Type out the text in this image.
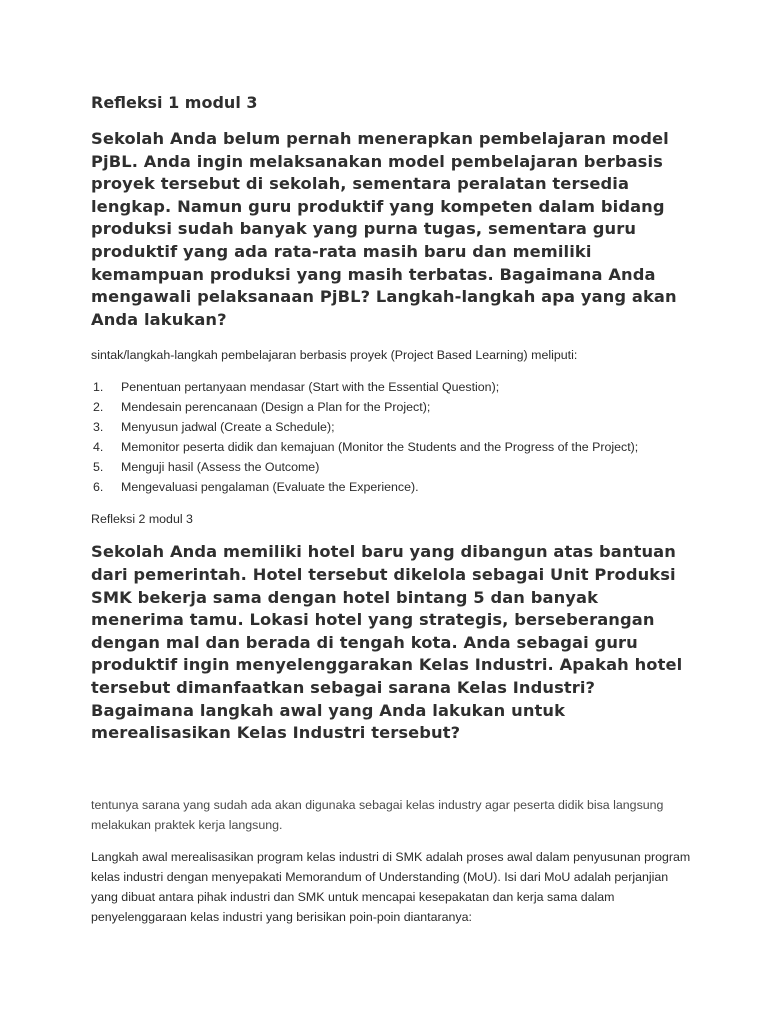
Refleksi 1 modul 3

Sekolah Anda belum pernah menerapkan pembelajaran model PjBL. Anda ingin melaksanakan model pembelajaran berbasis proyek tersebut di sekolah, sementara peralatan tersedia lengkap. Namun guru produktif yang kompeten dalam bidang produksi sudah banyak yang purna tugas, sementara guru produktif yang ada rata-rata masih baru dan memiliki kemampuan produksi yang masih terbatas. Bagaimana Anda mengawali pelaksanaan PjBL? Langkah-langkah apa yang akan Anda lakukan?

sintak/langkah-langkah pembelajaran berbasis proyek (Project Based Learning) meliputi:

1.	Penentuan pertanyaan mendasar (Start with the Essential Question);
2.	Mendesain perencanaan (Design a Plan for the Project);
3.	Menyusun jadwal (Create a Schedule);
4.	Memonitor peserta didik dan kemajuan (Monitor the Students and the Progress of the Project);
5.	Menguji hasil (Assess the Outcome)
6.	Mengevaluasi pengalaman (Evaluate the Experience).

Refleksi 2 modul 3

Sekolah Anda memiliki hotel baru yang dibangun atas bantuan dari pemerintah. Hotel tersebut dikelola sebagai Unit Produksi SMK bekerja sama dengan hotel bintang 5 dan banyak menerima tamu. Lokasi hotel yang strategis, berseberangan dengan mal dan berada di tengah kota. Anda sebagai guru produktif ingin menyelenggarakan Kelas Industri. Apakah hotel tersebut dimanfaatkan sebagai sarana Kelas Industri? Bagaimana langkah awal yang Anda lakukan untuk merealisasikan Kelas Industri tersebut?

tentunya sarana yang sudah ada akan digunaka sebagai kelas industry agar peserta didik bisa langsung melakukan praktek kerja langsung.

Langkah awal merealisasikan program kelas industri di SMK adalah proses awal dalam penyusunan program kelas industri dengan menyepakati Memorandum of Understanding (MoU). Isi dari MoU adalah perjanjian yang dibuat antara pihak industri dan SMK untuk mencapai kesepakatan dan kerja sama dalam penyelenggaraan kelas industri yang berisikan poin-poin diantaranya:
